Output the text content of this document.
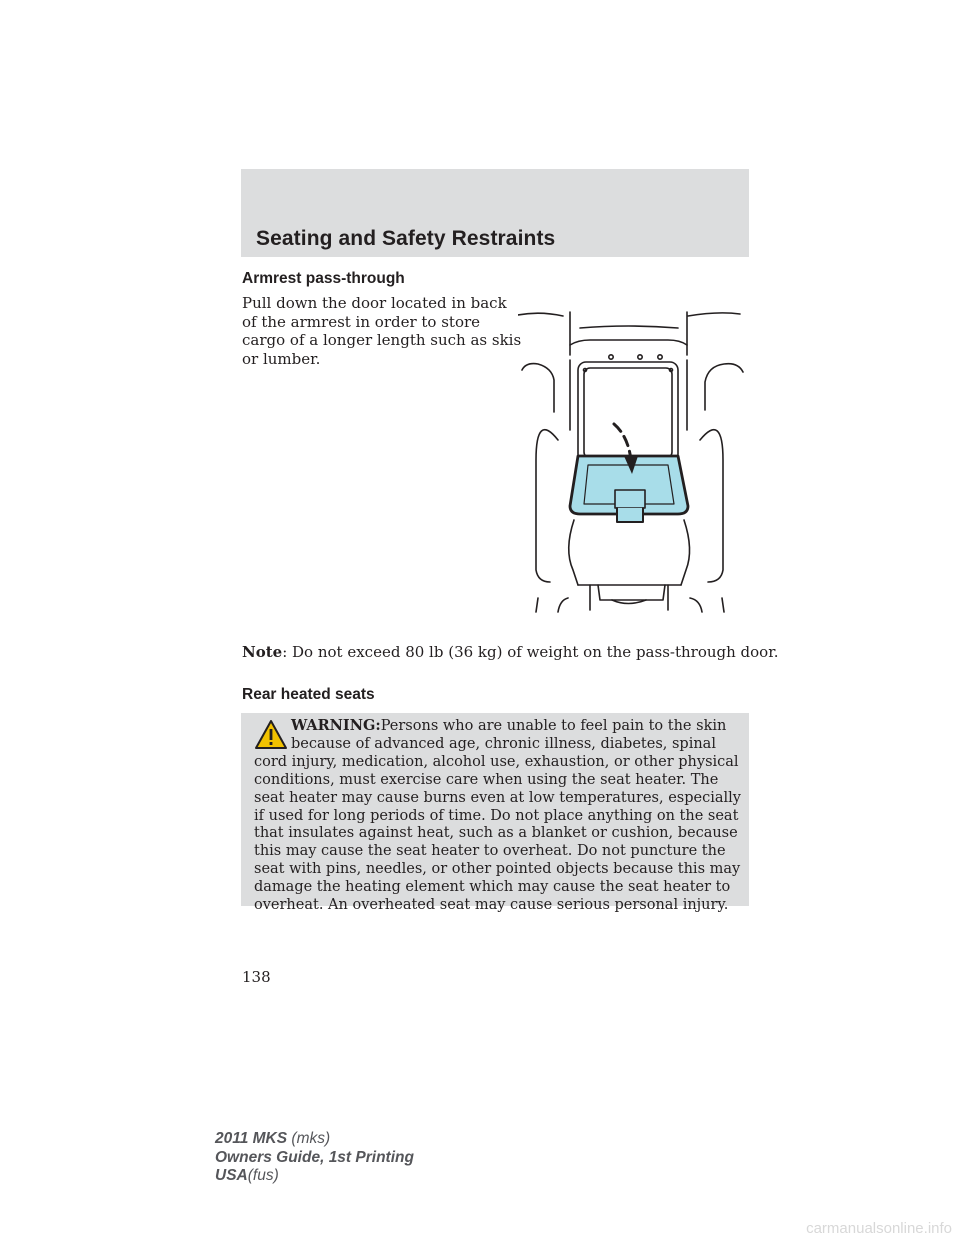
Seating and Safety Restraints
Armrest pass-through
Pull down the door located in back
of the armrest in order to store
cargo of a longer length such as skis
or lumber.
Note: Do not exceed 80 lb (36 kg) of weight on the pass-through door.
Rear heated seats
WARNING:Persons who are unable to feel pain to the skin because of advanced age, chronic illness, diabetes, spinal cord injury, medication, alcohol use, exhaustion, or other physical conditions, must exercise care when using the seat heater. The seat heater may cause burns even at low temperatures, especially if used for long periods of time. Do not place anything on the seat that insulates against heat, such as a blanket or cushion, because this may cause the seat heater to overheat. Do not puncture the seat with pins, needles, or other pointed objects because this may damage the heating element which may cause the seat heater to overheat. An overheated seat may cause serious personal injury.
138
2011 MKS (mks)
Owners Guide, 1st Printing
USA(fus)
carmanualsonline.info
